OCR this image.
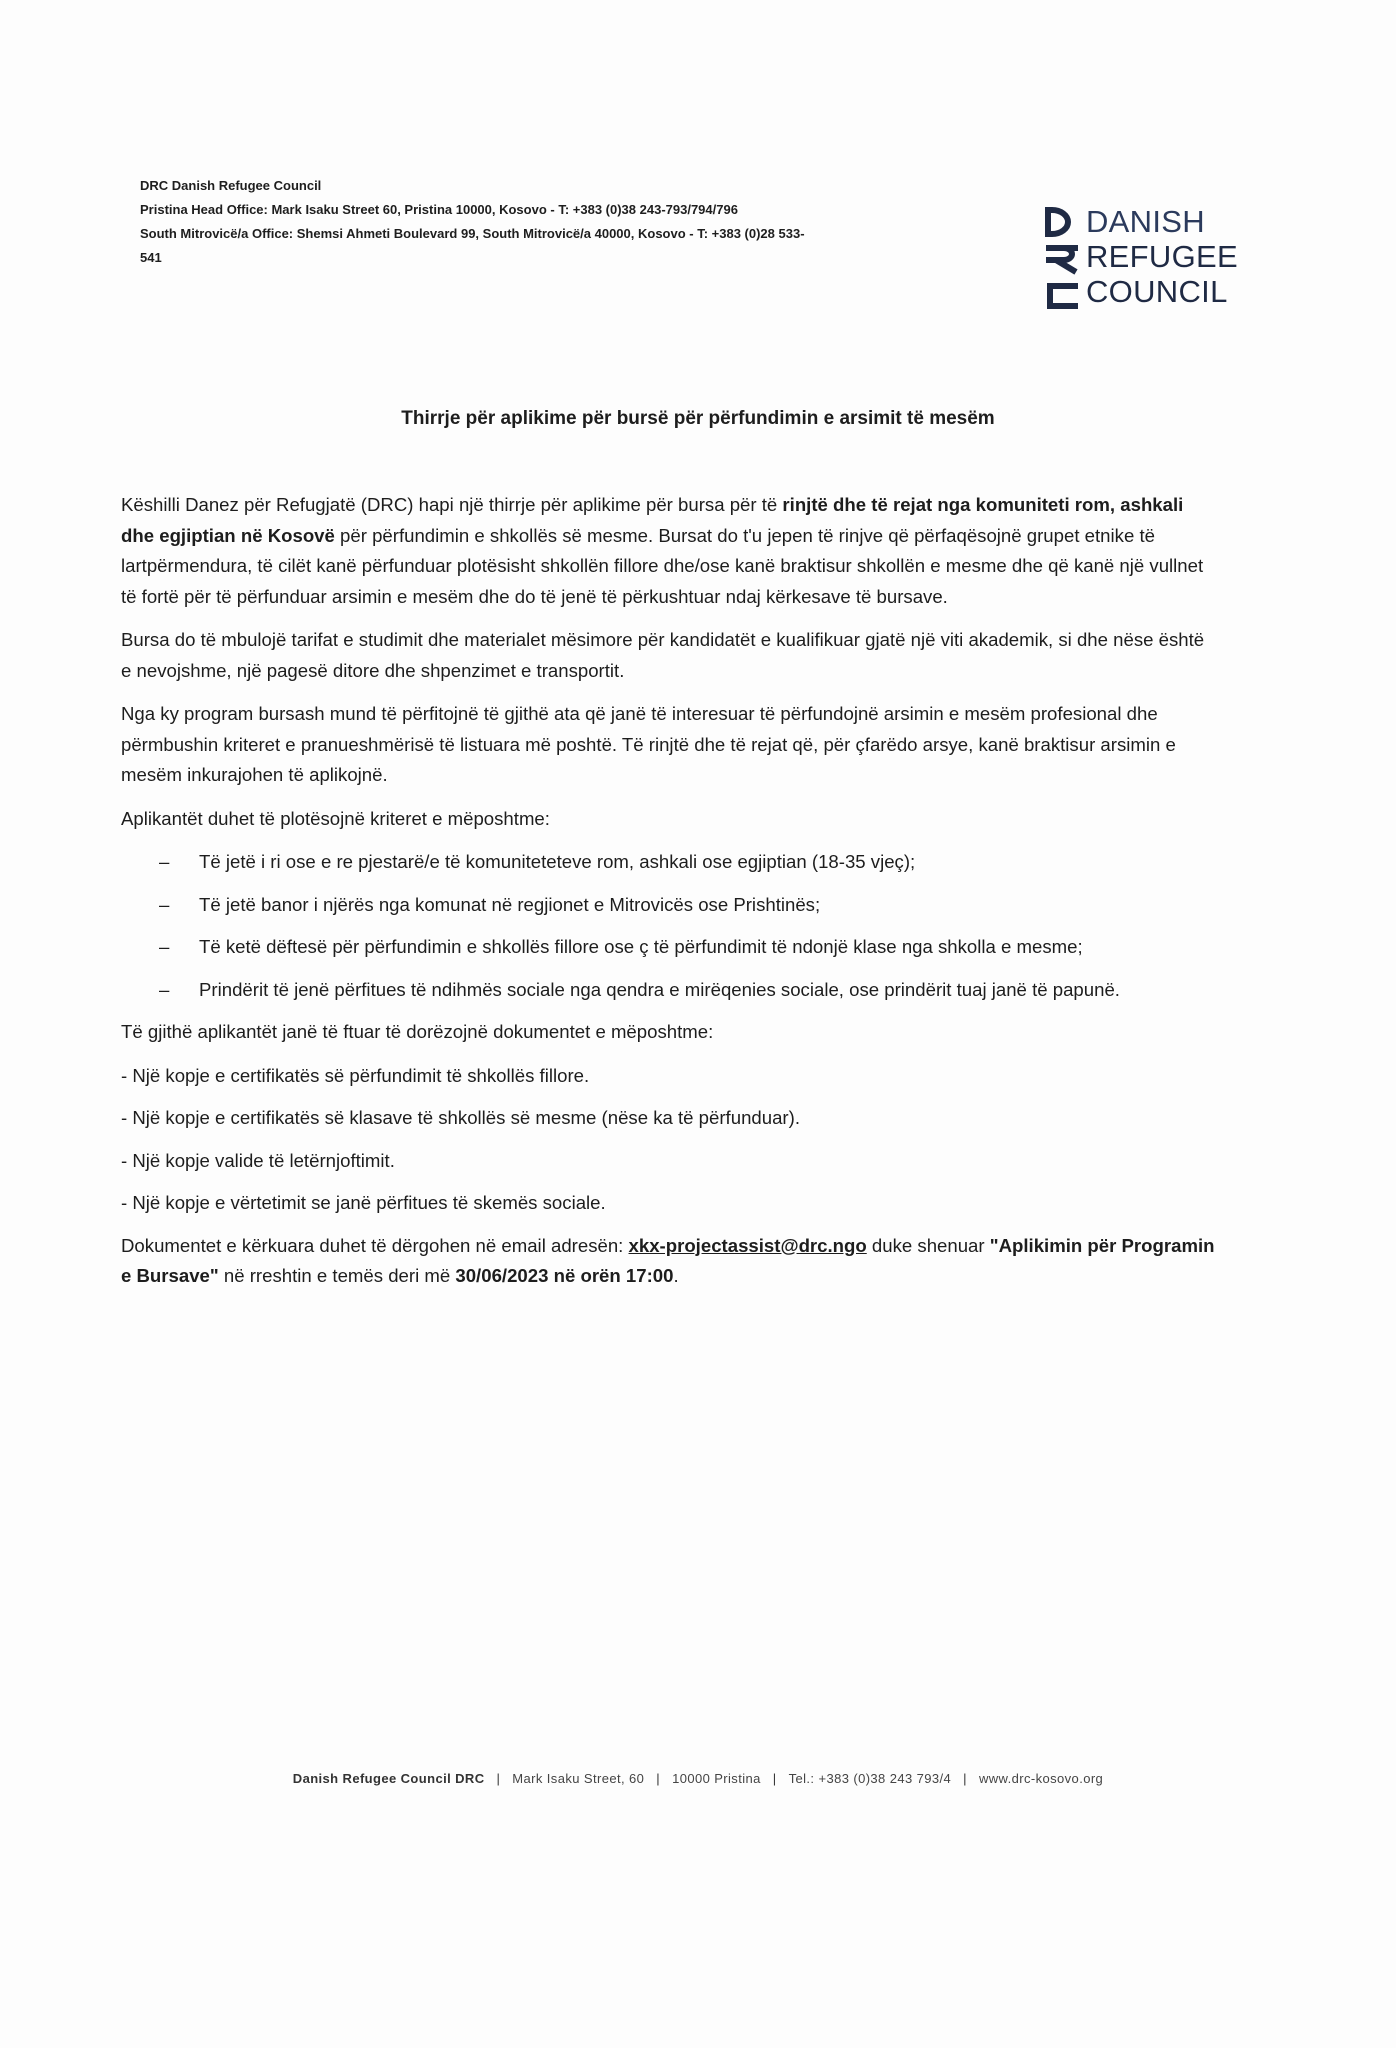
DRC Danish Refugee Council
Pristina Head Office: Mark Isaku Street 60, Pristina 10000, Kosovo - T: +383 (0)38 243-793/794/796
South Mitrovicë/a Office: Shemsi Ahmeti Boulevard 99, South Mitrovicë/a 40000, Kosovo - T: +383 (0)28 533-
541
DANISH
REFUGEE
COUNCIL
Thirrje për aplikime për bursë për përfundimin e arsimit të mesëm

Këshilli Danez për Refugjatë (DRC) hapi një thirrje për aplikime për bursa për të rinjtë dhe të rejat nga komuniteti rom, ashkali dhe egjiptian në Kosovë për përfundimin e shkollës së mesme. Bursat do t'u jepen të rinjve që përfaqësojnë grupet etnike të lartpërmendura, të cilët kanë përfunduar plotësisht shkollën fillore dhe/ose kanë braktisur shkollën e mesme dhe që kanë një vullnet të fortë për të përfunduar arsimin e mesëm dhe do të jenë të përkushtuar ndaj kërkesave të bursave.

Bursa do të mbulojë tarifat e studimit dhe materialet mësimore për kandidatët e kualifikuar gjatë një viti akademik, si dhe nëse është e nevojshme, një pagesë ditore dhe shpenzimet e transportit.

Nga ky program bursash mund të përfitojnë të gjithë ata që janë të interesuar të përfundojnë arsimin e mesëm profesional dhe përmbushin kriteret e pranueshmërisë të listuara më poshtë. Të rinjtë dhe të rejat që, për çfarëdo arsye, kanë braktisur arsimin e mesëm inkurajohen të aplikojnë.

Aplikantët duhet të plotësojnë kriteret e mëposhtme:

– Të jetë i ri ose e re pjestarë/e të komunitetetevе rom, ashkali ose egjiptian (18-35 vjeç);
– Të jetë banor i njërës nga komunat në regjionet e Mitrovicës ose Prishtinës;
– Të ketë dëftesë për përfundimin e shkollës fillore ose ç të përfundimit të ndonjë klase nga shkolla e mesme;
– Prindërit të jenë përfitues të ndihmës sociale nga qendra e mirëqenies sociale, ose prindërit tuaj janë të papunë.

Të gjithë aplikantët janë të ftuar të dorëzojnë dokumentet e mëposhtme:

- Një kopje e certifikatës së përfundimit të shkollës fillore.

- Një kopje e certifikatës së klasave të shkollës së mesme (nëse ka të përfunduar).

- Një kopje valide të letërnjoftimit.

- Një kopje e vërtetimit se janë përfitues të skemës sociale.

Dokumentet e kërkuara duhet të dërgohen në email adresën: xkx-projectassist@drc.ngo duke shenuar "Aplikimin për Programin e Bursave" në rreshtin e temës deri më 30/06/2023 në orën 17:00.

Danish Refugee Council DRC | Mark Isaku Street, 60 | 10000 Pristina | Tel.: +383 (0)38 243 793/4 | www.drc-kosovo.org
